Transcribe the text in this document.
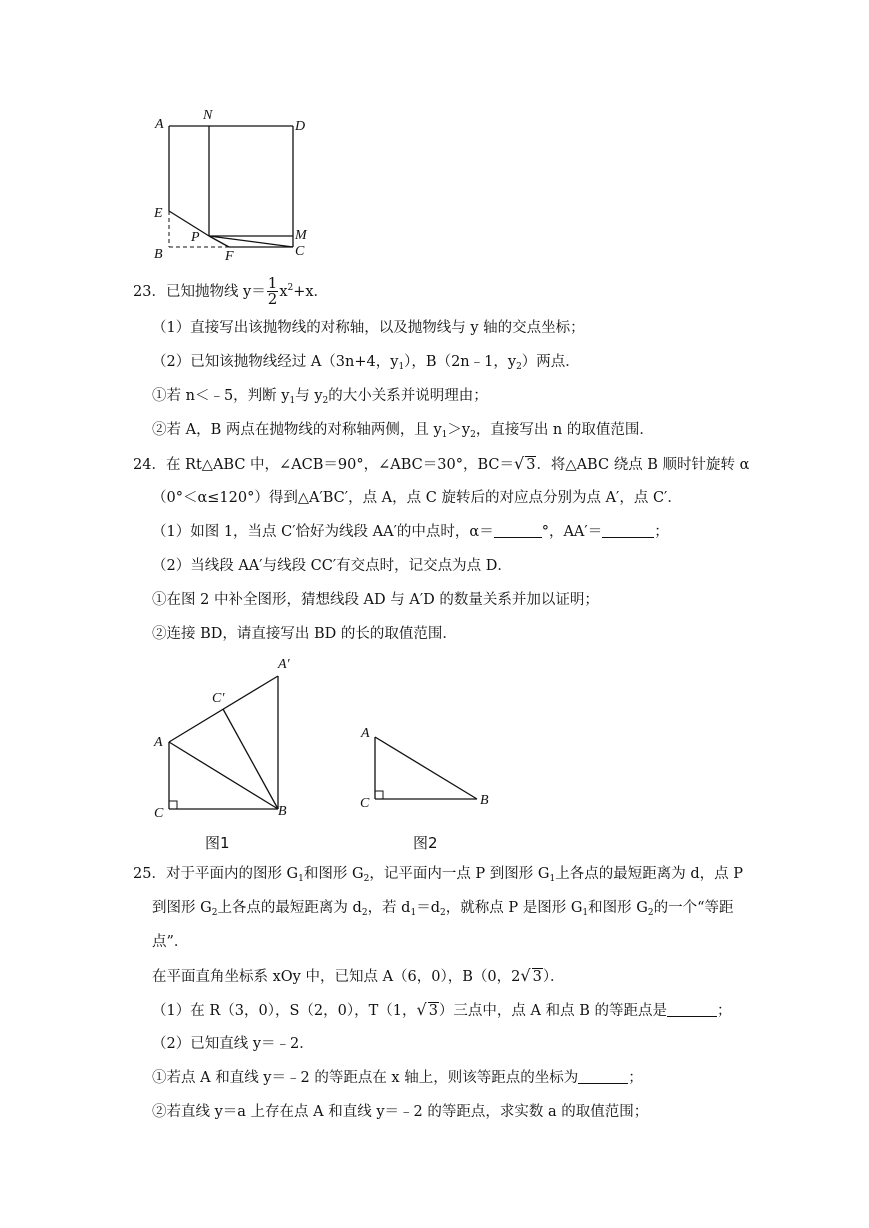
A
N
D
E
P	M
B	F	C
23．已知抛物线 $y= \frac{1}{2} x^2+x$．
（1）直接写出该抛物线的对称轴，以及抛物线与 y 轴的交点坐标；
（2）已知该抛物线经过 A（3n+4，$y_1$），B（2n﹣1，$y_2$）两点．
①若 n＜﹣5，判断 $y_1$与 $y_2$的大小关系并说明理由；
②若 A，B 两点在抛物线的对称轴两侧，且 $y_1>y_2$，直接写出 n 的取值范围．
24．在 Rt△ABC 中，∠ACB＝90°，∠ABC＝30°，BC＝√ 3．将△ABC 绕点 B 顺时针旋转 α
（0°＜α≤120°）得到△A′BC′，点 A，点 C 旋转后的对应点分别为点 A′，点 C′．
（1）如图 1，当点 C′恰好为线段 AA′的中点时，α＝	°，AA′＝	；
（2）当线段 AA′与线段 CC′有交点时，记交点为点 D．
①在图 2 中补全图形，猜想线段 AD 与 A′D 的数量关系并加以证明；
②连接 BD，请直接写出 BD 的长的取值范围．
A
A′
C′
C	B
图1
A
C	B
图2
25．对于平面内的图形 $G_1$和图形 $G_2$，记平面内一点 P 到图形 $G_1$上各点的最短距离为 d，点 P
到图形 $G_2$上各点的最短距离为 $d_2$，若 $d_1=d_2$，就称点 P 是图形 $G_1$和图形 $G_2$的一个“等距
点”．
在平面直角坐标系 xOy 中，已知点 A（6，0），B（0，2√ 3）．
（1）在 R（3，0），S（2，0），T（1，√ 3）三点中，点 A 和点 B 的等距点是	；
（2）已知直线 y＝﹣2．
①若点 A 和直线 y＝﹣2 的等距点在 x 轴上，则该等距点的坐标为	；
②若直线 y＝a 上存在点 A 和直线 y＝﹣2 的等距点，求实数 a 的取值范围；
